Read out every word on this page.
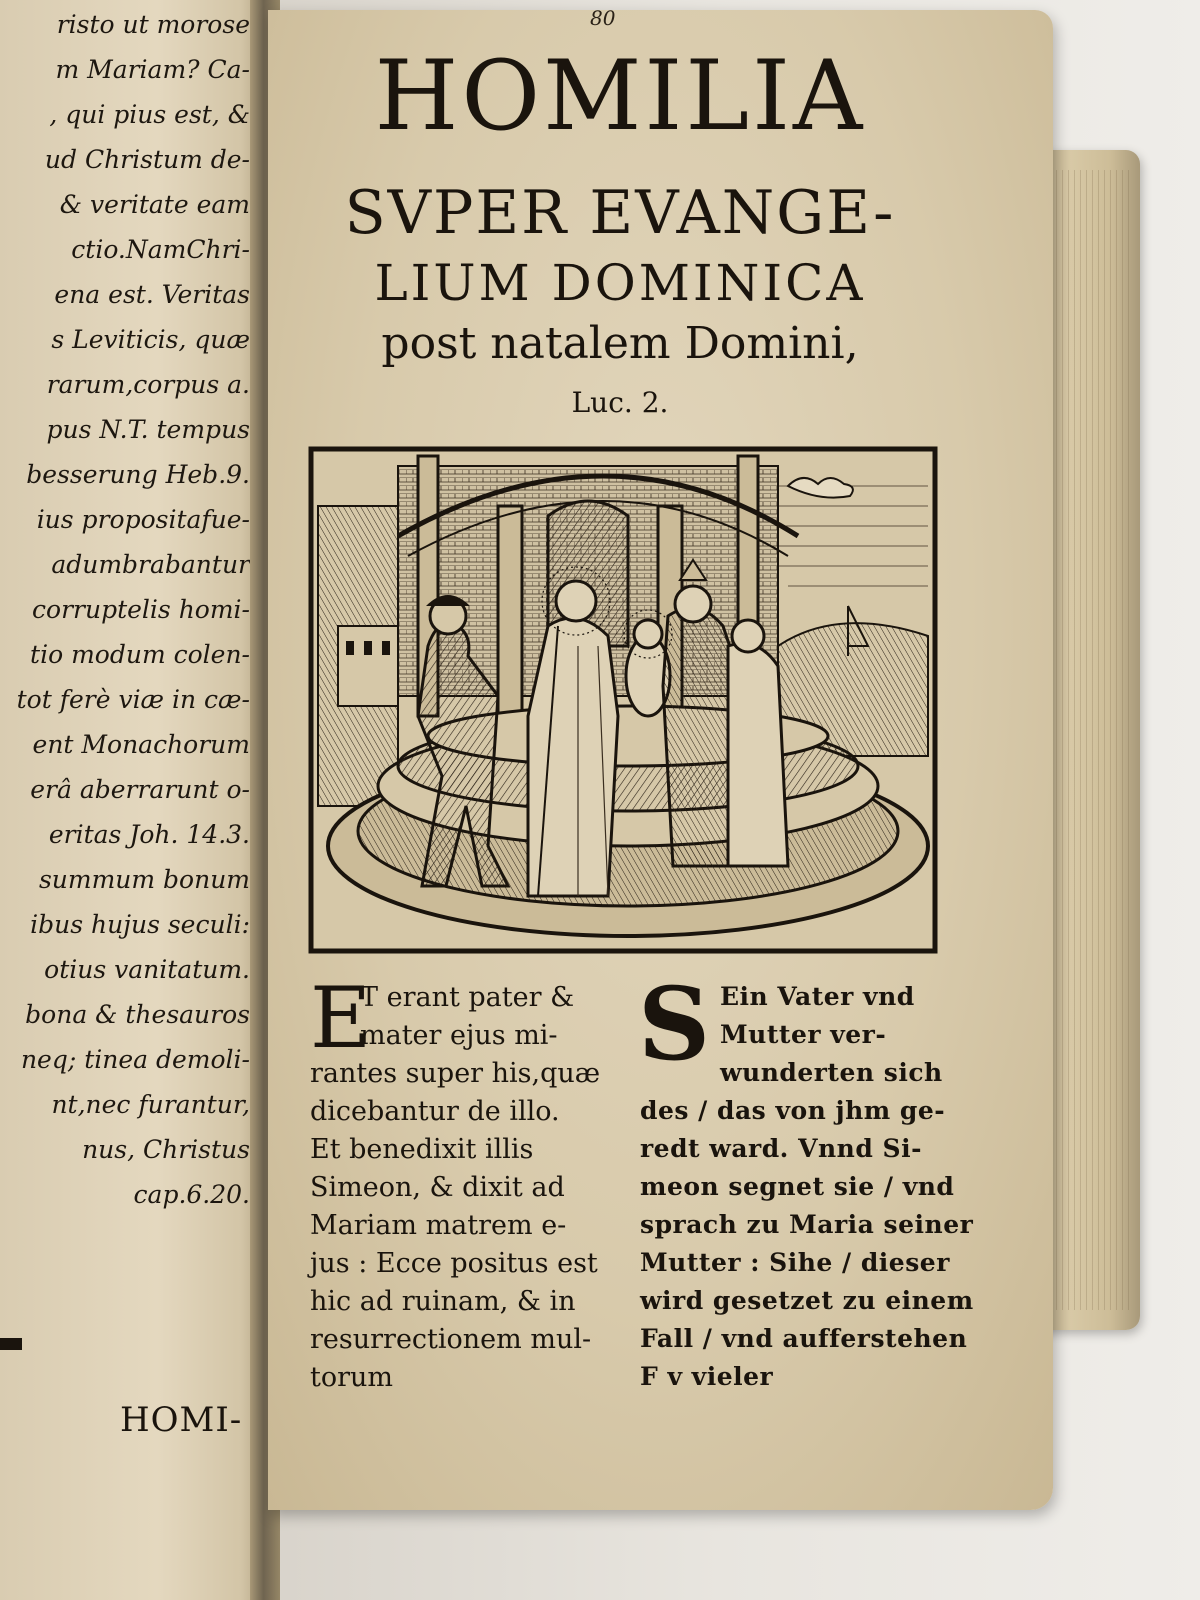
risto ut morose
m Mariam? Ca-
, qui pius est, &
ud Christum de-
& veritate eam
ctio.NamChri-
ena est. Veritas
s Leviticis, quæ
rarum,corpus a.
pus N.T. tempus
besserung Heb.9.
ius propositafue-
adumbrabantur
corruptelis homi-
tio modum colen-
tot ferè viæ in cæ-
ent Monachorum
erâ aberrarunt o-
eritas Joh. 14.3.
summum bonum
ibus hujus seculi:
otius vanitatum.
bona & thesauros
neq; tinea demoli-
nt,nec furantur,
nus, Christus
cap.6.20.
HOMI-
80
HOMILIA
SVPER EVANGE-
LIUM DOMINICA
post natalem Domini,
Luc. 2.
E
T erant pater &
mater ejus mi-
rantes super his,quæ
dicebantur de illo.
Et benedixit illis
Simeon, & dixit ad
Mariam matrem e-
jus : Ecce positus est
hic ad ruinam, & in
resurrectionem mul-
torum
S Ein Vater vnd
Mutter ver-
wunderten sich
des / das von jhm ge-
redt ward. Vnnd Si-
meon segnet sie / vnd
sprach zu Maria seiner
Mutter : Sihe / dieser
wird gesetzet zu einem
Fall / vnd aufferstehen
F v vieler
